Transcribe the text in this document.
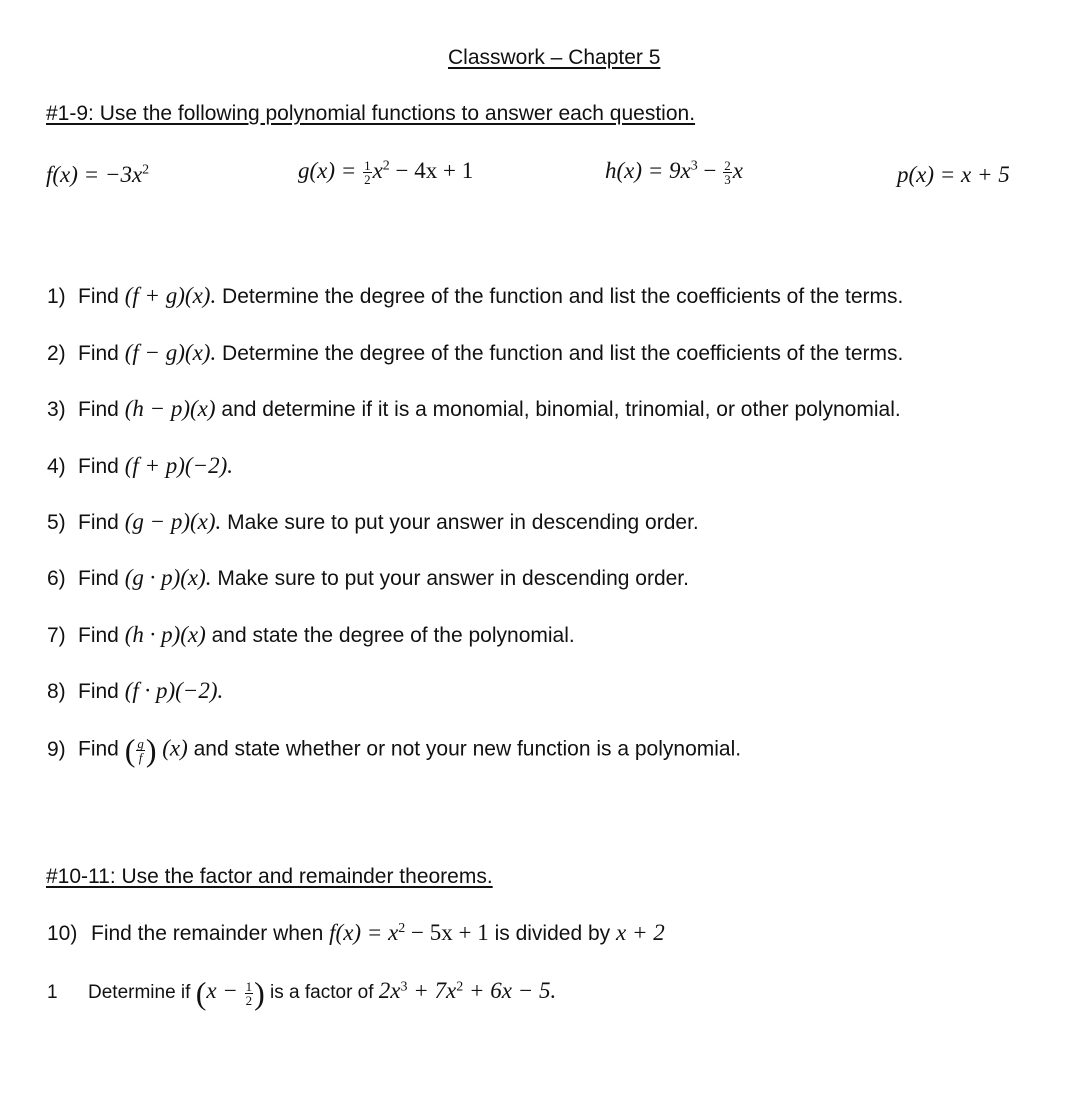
Classwork – Chapter 5
#1-9: Use the following polynomial functions to answer each question.
$f(x) = -3x^2$	$g(x) = \frac{1}{2} x^2 - 4x + 1$	$h(x) = 9x^3 - \frac{2}{3}$ x	p(x) = x + 5
1) Find (f + g)(x). Determine the degree of the function and list the coefficients of the terms.
2) Find (f − g)(x). Determine the degree of the function and list the coefficients of the terms.
3) Find (h − p)(x) and determine if it is a monomial, binomial, trinomial, or other polynomial.
4) Find (f + p)(−2).
5) Find (g − p)(x). Make sure to put your answer in descending order.
6) Find (g · p)(x). Make sure to put your answer in descending order.
7) Find (h · p)(x) and state the degree of the polynomial.
8) Find (f · p)(−2).
9) Find ( $\frac{g}{f}$ ) (x) and state whether or not your new function is a polynomial.
#10-11: Use the factor and remainder theorems.
10) Find the remainder when $f(x) = x^2 - 5x + 1$ is divided by x + 2
1 Determine if ($x - \frac{1}{2}$ ) is a factor of $2x^3 + 7x^2 + 6x - 5$.
